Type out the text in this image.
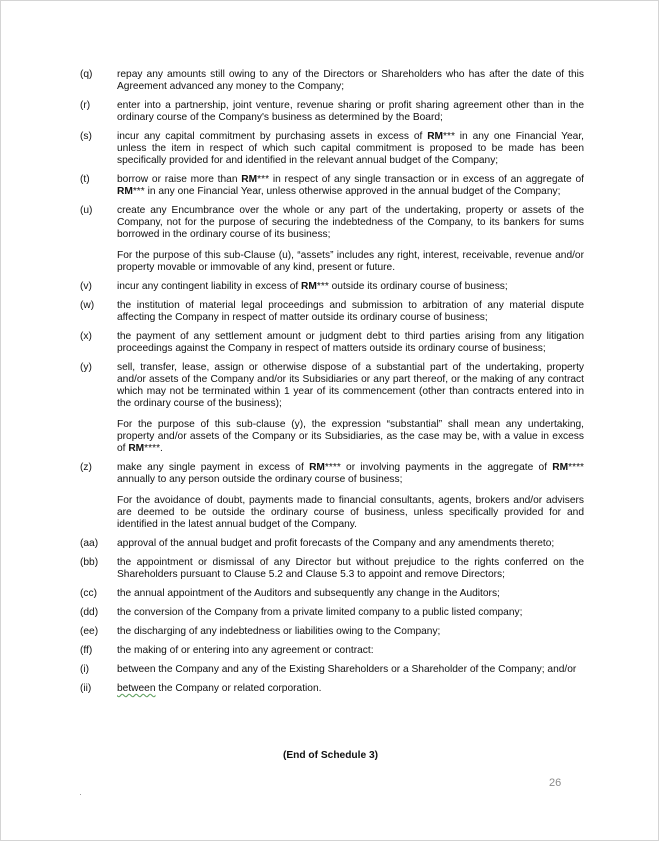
(q)	repay any amounts still owing to any of the Directors or Shareholders who has after the date of this Agreement advanced any money to the Company;
(r)	enter into a partnership, joint venture, revenue sharing or profit sharing agreement other than in the ordinary course of the Company's business as determined by the Board;
(s)	incur any capital commitment by purchasing assets in excess of RM*** in any one Financial Year, unless the item in respect of which such capital commitment is proposed to be made has been specifically provided for and identified in the relevant annual budget of the Company;
(t)	borrow or raise more than RM*** in respect of any single transaction or in excess of an aggregate of RM*** in any one Financial Year, unless otherwise approved in the annual budget of the Company;
(u)	create any Encumbrance over the whole or any part of the undertaking, property or assets of the Company, not for the purpose of securing the indebtedness of the Company, to its bankers for sums borrowed in the ordinary course of its business;
For the purpose of this sub-Clause (u), “assets” includes any right, interest, receivable, revenue and/or property movable or immovable of any kind, present or future.
(v)	incur any contingent liability in excess of RM*** outside its ordinary course of business;
(w)	the institution of material legal proceedings and submission to arbitration of any material dispute affecting the Company in respect of matter outside its ordinary course of business;
(x)	the payment of any settlement amount or judgment debt to third parties arising from any litigation proceedings against the Company in respect of matters outside its ordinary course of business;
(y)	sell, transfer, lease, assign or otherwise dispose of a substantial part of the undertaking, property and/or assets of the Company and/or its Subsidiaries or any part thereof, or the making of any contract which may not be terminated within 1 year of its commencement (other than contracts entered into in the ordinary course of the business);
For the purpose of this sub-clause (y), the expression “substantial” shall mean any undertaking, property and/or assets of the Company or its Subsidiaries, as the case may be, with a value in excess of RM****.
(z)	make any single payment in excess of RM**** or involving payments in the aggregate of RM**** annually to any person outside the ordinary course of business;
For the avoidance of doubt, payments made to financial consultants, agents, brokers and/or advisers are deemed to be outside the ordinary course of business, unless specifically provided for and identified in the latest annual budget of the Company.
(aa)	approval of the annual budget and profit forecasts of the Company and any amendments thereto;
(bb)	the appointment or dismissal of any Director but without prejudice to the rights conferred on the Shareholders pursuant to Clause 5.2 and Clause 5.3 to appoint and remove Directors;
(cc)	the annual appointment of the Auditors and subsequently any change in the Auditors;
(dd)	the conversion of the Company from a private limited company to a public listed company;
(ee)	the discharging of any indebtedness or liabilities owing to the Company;
(ff)	the making of or entering into any agreement or contract:
(i)	between the Company and any of the Existing Shareholders or a Shareholder of the Company; and/or
(ii)	between the Company or related corporation.
(End of Schedule 3)
26
